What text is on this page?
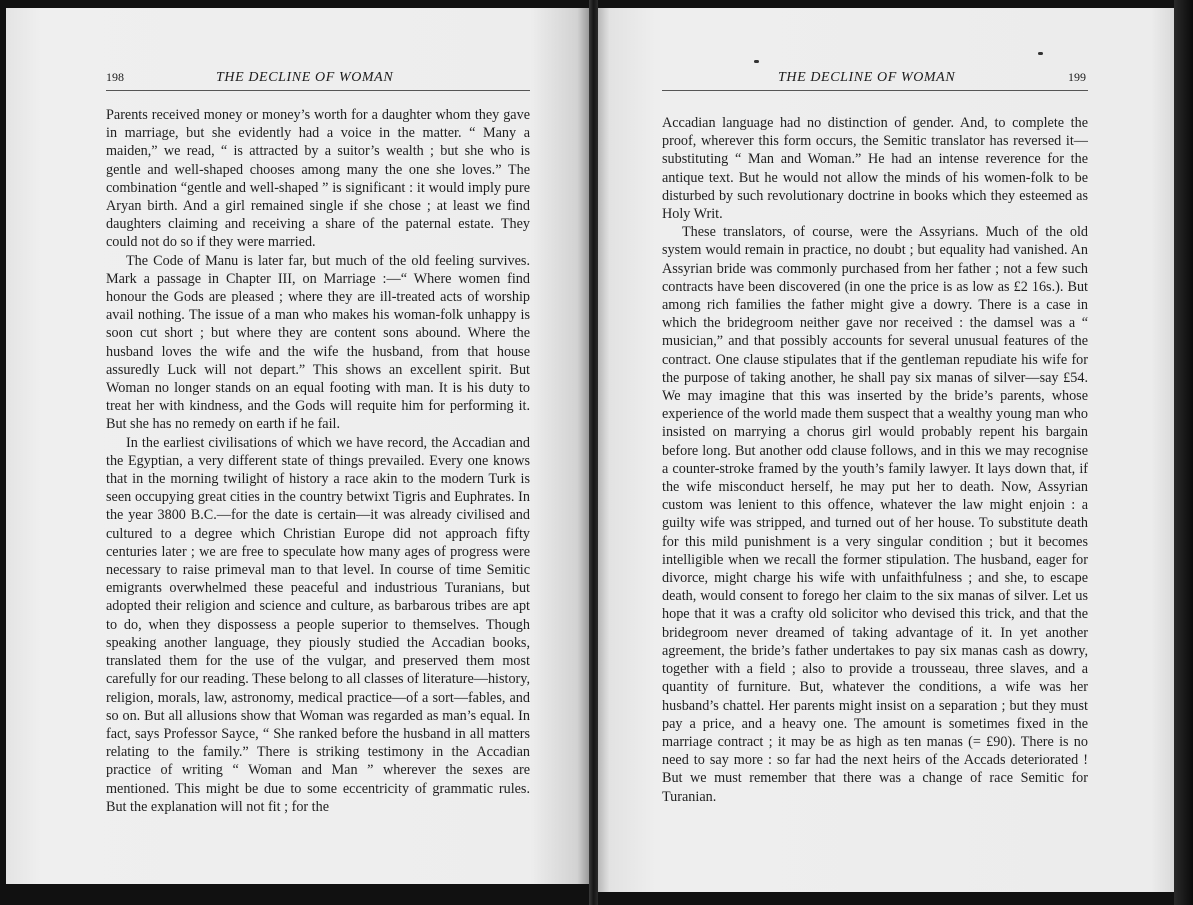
198	THE DECLINE OF WOMAN

Parents received money or money’s worth for a daughter whom they gave in marriage, but she evidently had a voice in the matter. “ Many a maiden,” we read, “ is attracted by a suitor’s wealth ; but she who is gentle and well-shaped chooses among many the one she loves.” The combination “gentle and well-shaped ” is significant : it would imply pure Aryan birth. And a girl remained single if she chose ; at least we find daughters claiming and receiving a share of the paternal estate. They could not do so if they were married.

The Code of Manu is later far, but much of the old feeling survives. Mark a passage in Chapter III, on Marriage :—“ Where women find honour the Gods are pleased ; where they are ill-treated acts of worship avail nothing. The issue of a man who makes his woman-folk unhappy is soon cut short ; but where they are content sons abound. Where the husband loves the wife and the wife the husband, from that house assuredly Luck will not depart.” This shows an excellent spirit. But Woman no longer stands on an equal footing with man. It is his duty to treat her with kindness, and the Gods will requite him for performing it. But she has no remedy on earth if he fail.

In the earliest civilisations of which we have record, the Accadian and the Egyptian, a very different state of things prevailed. Every one knows that in the morning twilight of history a race akin to the modern Turk is seen occupying great cities in the country betwixt Tigris and Euphrates. In the year 3800 B.C.—for the date is certain—it was already civilised and cultured to a degree which Christian Europe did not approach fifty centuries later ; we are free to speculate how many ages of progress were necessary to raise primeval man to that level. In course of time Semitic emigrants overwhelmed these peaceful and industrious Turanians, but adopted their religion and science and culture, as barbarous tribes are apt to do, when they dispossess a people superior to themselves. Though speaking another language, they piously studied the Accadian books, translated them for the use of the vulgar, and preserved them most carefully for our reading. These belong to all classes of literature—history, religion, morals, law, astronomy, medical practice—of a sort—fables, and so on. But all allusions show that Woman was regarded as man’s equal. In fact, says Professor Sayce, “ She ranked before the husband in all matters relating to the family.” There is striking testimony in the Accadian practice of writing “ Woman and Man ” wherever the sexes are mentioned. This might be due to some eccentricity of grammatic rules. But the explanation will not fit ; for the

THE DECLINE OF WOMAN	199

Accadian language had no distinction of gender. And, to complete the proof, wherever this form occurs, the Semitic translator has reversed it—substituting “ Man and Woman.” He had an intense reverence for the antique text. But he would not allow the minds of his women-folk to be disturbed by such revolutionary doctrine in books which they esteemed as Holy Writ.

These translators, of course, were the Assyrians. Much of the old system would remain in practice, no doubt ; but equality had vanished. An Assyrian bride was commonly purchased from her father ; not a few such contracts have been discovered (in one the price is as low as £2 16s.). But among rich families the father might give a dowry. There is a case in which the bridegroom neither gave nor received : the damsel was a “ musician,” and that possibly accounts for several unusual features of the contract. One clause stipulates that if the gentleman repudiate his wife for the purpose of taking another, he shall pay six manas of silver—say £54. We may imagine that this was inserted by the bride’s parents, whose experience of the world made them suspect that a wealthy young man who insisted on marrying a chorus girl would probably repent his bargain before long. But another odd clause follows, and in this we may recognise a counter-stroke framed by the youth’s family lawyer. It lays down that, if the wife misconduct herself, he may put her to death. Now, Assyrian custom was lenient to this offence, whatever the law might enjoin : a guilty wife was stripped, and turned out of her house. To substitute death for this mild punishment is a very singular condition ; but it becomes intelligible when we recall the former stipulation. The husband, eager for divorce, might charge his wife with unfaithfulness ; and she, to escape death, would consent to forego her claim to the six manas of silver. Let us hope that it was a crafty old solicitor who devised this trick, and that the bridegroom never dreamed of taking advantage of it. In yet another agreement, the bride’s father undertakes to pay six manas cash as dowry, together with a field ; also to provide a trousseau, three slaves, and a quantity of furniture. But, whatever the conditions, a wife was her husband’s chattel. Her parents might insist on a separation ; but they must pay a price, and a heavy one. The amount is sometimes fixed in the marriage contract ; it may be as high as ten manas (= £90). There is no need to say more : so far had the next heirs of the Accads deteriorated ! But we must remember that there was a change of race Semitic for Turanian.
